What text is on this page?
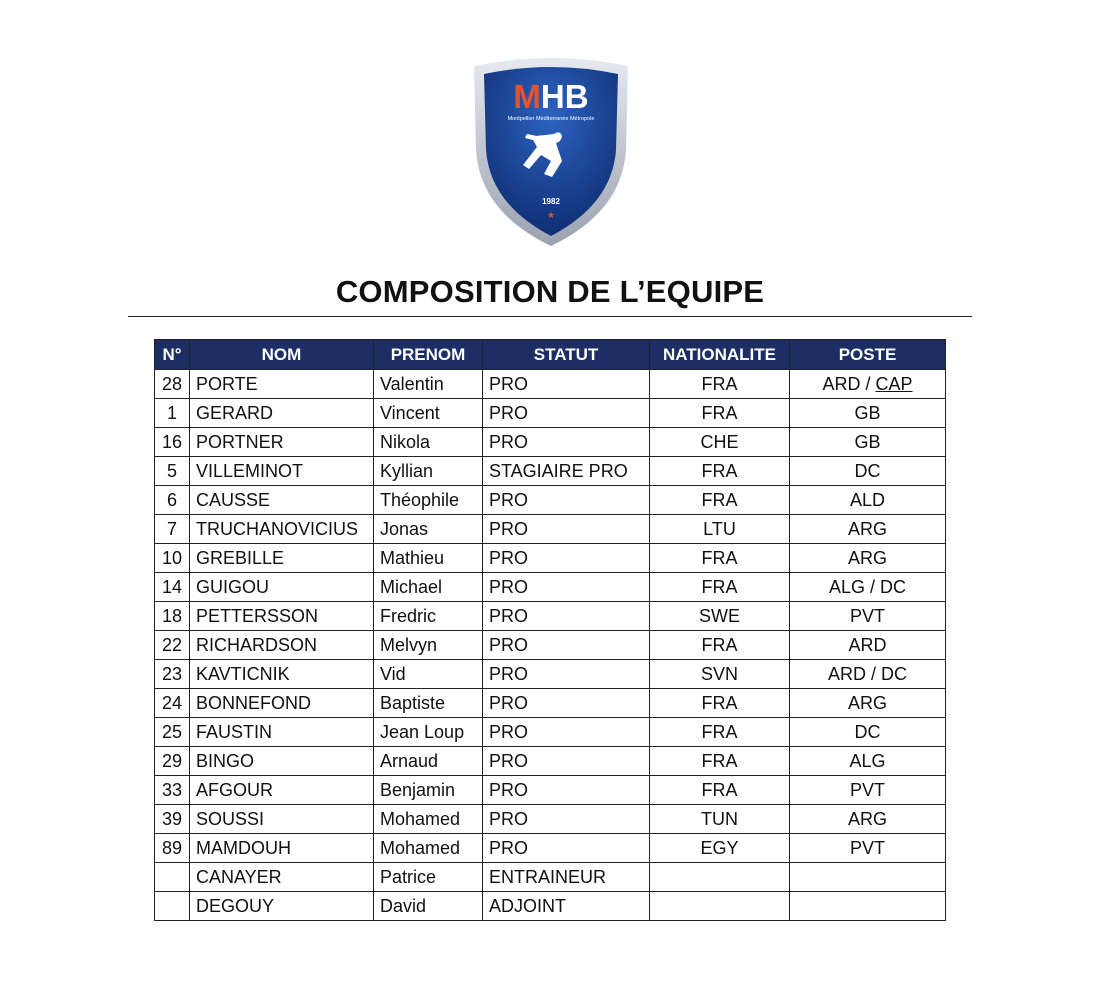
MHB
Montpellier Méditerranée Métropole
1982
★
COMPOSITION DE L’EQUIPE
N°	NOM	PRENOM	STATUT	NATIONALITE	POSTE
28	PORTE	Valentin	PRO	FRA	ARD / CAP
1	GERARD	Vincent	PRO	FRA	GB
16	PORTNER	Nikola	PRO	CHE	GB
5	VILLEMINOT	Kyllian	STAGIAIRE PRO	FRA	DC
6	CAUSSE	Théophile	PRO	FRA	ALD
7	TRUCHANOVICIUS	Jonas	PRO	LTU	ARG
10	GREBILLE	Mathieu	PRO	FRA	ARG
14	GUIGOU	Michael	PRO	FRA	ALG / DC
18	PETTERSSON	Fredric	PRO	SWE	PVT
22	RICHARDSON	Melvyn	PRO	FRA	ARD
23	KAVTICNIK	Vid	PRO	SVN	ARD / DC
24	BONNEFOND	Baptiste	PRO	FRA	ARG
25	FAUSTIN	Jean Loup	PRO	FRA	DC
29	BINGO	Arnaud	PRO	FRA	ALG
33	AFGOUR	Benjamin	PRO	FRA	PVT
39	SOUSSI	Mohamed	PRO	TUN	ARG
89	MAMDOUH	Mohamed	PRO	EGY	PVT
	CANAYER	Patrice	ENTRAINEUR		
	DEGOUY	David	ADJOINT		
